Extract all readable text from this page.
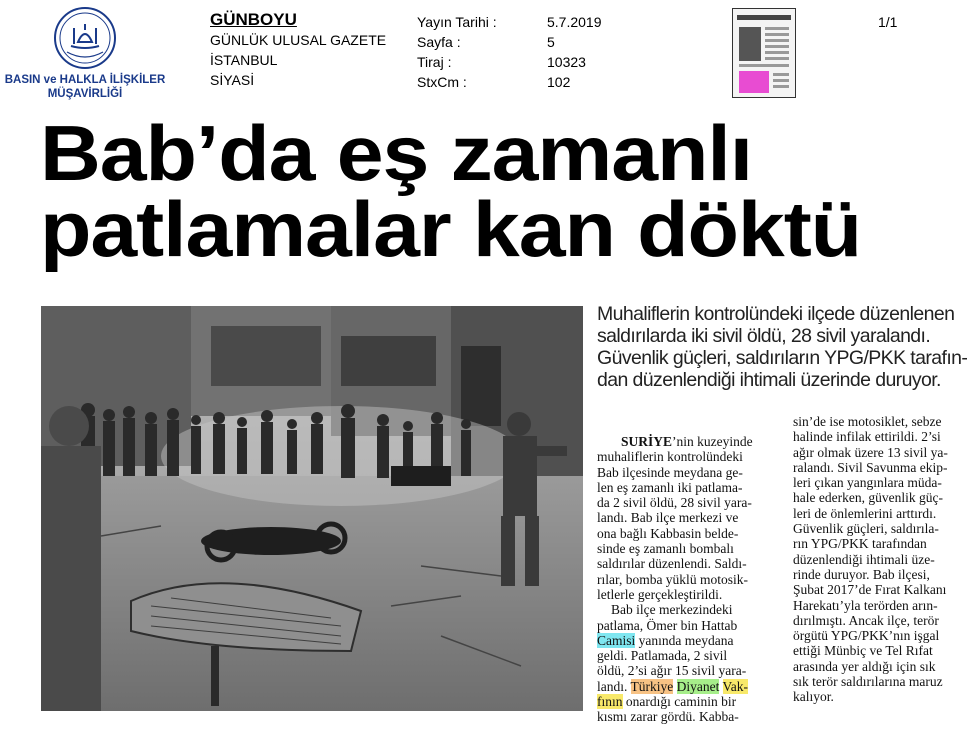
BASIN ve HALKLA İLİŞKİLER
MÜŞAVİRLİĞİ
GÜNBOYU
GÜNLÜK ULUSAL GAZETE
İSTANBUL
SİYASİ
Yayın Tarihi :	5.7.2019
Sayfa :	5
Tiraj :	10323
StxCm :	102
1/1
Bab’da eş zamanlı
patlamalar kan döktü
Muhaliflerin kontrolündeki ilçede düzenlenen
saldırılarda iki sivil öldü, 28 sivil yaralandı.
Güvenlik güçleri, saldırıların YPG/PKK tarafın-
dan düzenlendiği ihtimali üzerinde duruyor.
SURİYE’nin kuzeyinde
muhaliflerin kontrolündeki
Bab ilçesinde meydana ge-
len eş zamanlı iki patlama-
da 2 sivil öldü, 28 sivil yara-
landı. Bab ilçe merkezi ve
ona bağlı Kabbasin belde-
sinde eş zamanlı bombalı
saldırılar düzenlendi. Saldı-
rılar, bomba yüklü motosik-
letlerle gerçekleştirildi.
Bab ilçe merkezindeki
patlama, Ömer bin Hattab
Camisi yanında meydana
geldi. Patlamada, 2 sivil
öldü, 2’si ağır 15 sivil yara-
landı. Türkiye Diyanet Vak-
fının onardığı caminin bir
kısmı zarar gördü. Kabba-
sin’de ise motosiklet, sebze
halinde infilak ettirildi. 2’si
ağır olmak üzere 13 sivil ya-
ralandı. Sivil Savunma ekip-
leri çıkan yangınlara müda-
hale ederken, güvenlik güç-
leri de önlemlerini arttırdı.
Güvenlik güçleri, saldırıla-
rın YPG/PKK tarafından
düzenlendiği ihtimali üze-
rinde duruyor. Bab ilçesi,
Şubat 2017’de Fırat Kalkanı
Harekatı’yla terörden arın-
dırılmıştı. Ancak ilçe, terör
örgütü YPG/PKK’nın işgal
ettiği Münbiç ve Tel Rıfat
arasında yer aldığı için sık
sık terör saldırılarına maruz
kalıyor.
